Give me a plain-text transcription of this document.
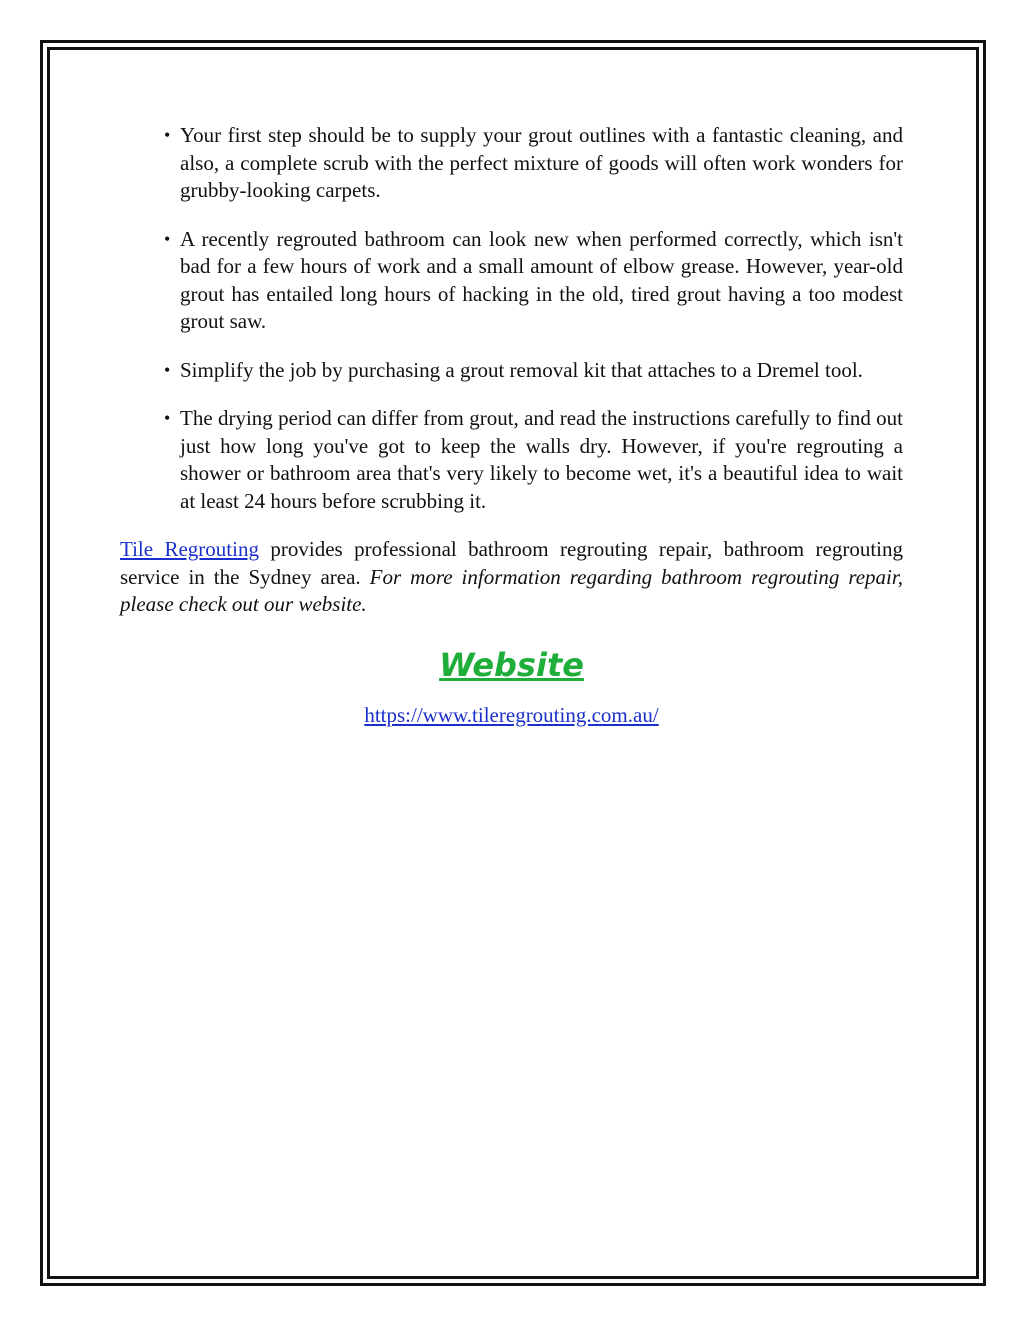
• Your first step should be to supply your grout outlines with a fantastic cleaning, and also, a complete scrub with the perfect mixture of goods will often work wonders for grubby-looking carpets.
• A recently regrouted bathroom can look new when performed correctly, which isn't bad for a few hours of work and a small amount of elbow grease. However, year-old grout has entailed long hours of hacking in the old, tired grout having a too modest grout saw.
• Simplify the job by purchasing a grout removal kit that attaches to a Dremel tool.
• The drying period can differ from grout, and read the instructions carefully to find out just how long you've got to keep the walls dry. However, if you're regrouting a shower or bathroom area that's very likely to become wet, it's a beautiful idea to wait at least 24 hours before scrubbing it.

Tile Regrouting provides professional bathroom regrouting repair, bathroom regrouting service in the Sydney area. For more information regarding bathroom regrouting repair, please check out our website.

Website
https://www.tileregrouting.com.au/
